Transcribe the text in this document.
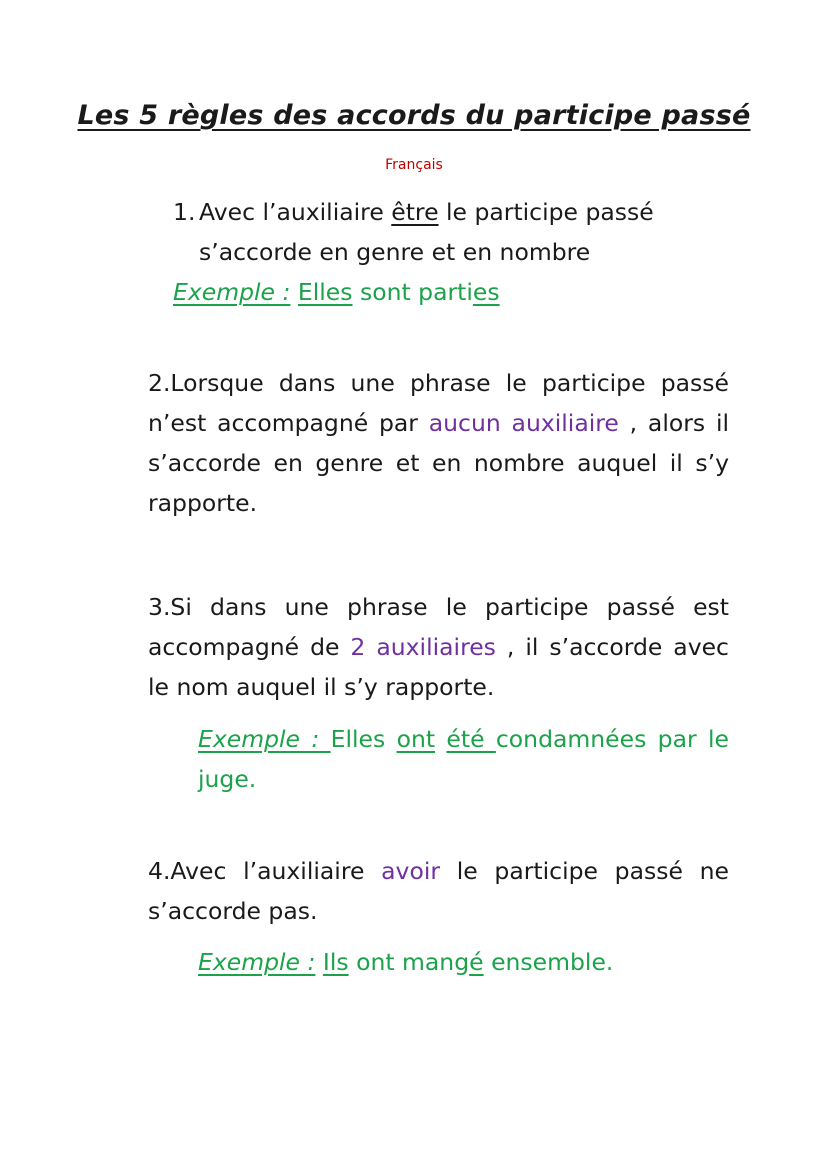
Les 5 règles des accords du participe passé
Français
1. Avec l’auxiliaire être le participe passé
s’accorde en genre et en nombre
Exemple : Elles sont parties
2.Lorsque dans une phrase le participe passé n’est accompagné par aucun auxiliaire , alors il s’accorde en genre et en nombre auquel il s’y rapporte.
3.Si dans une phrase le participe passé est accompagné de 2 auxiliaires , il s’accorde avec le nom auquel il s’y rapporte.
Exemple : Elles ont été condamnées par le juge.
4.Avec l’auxiliaire avoir le participe passé ne s’accorde pas.
Exemple : Ils ont mangé ensemble.
